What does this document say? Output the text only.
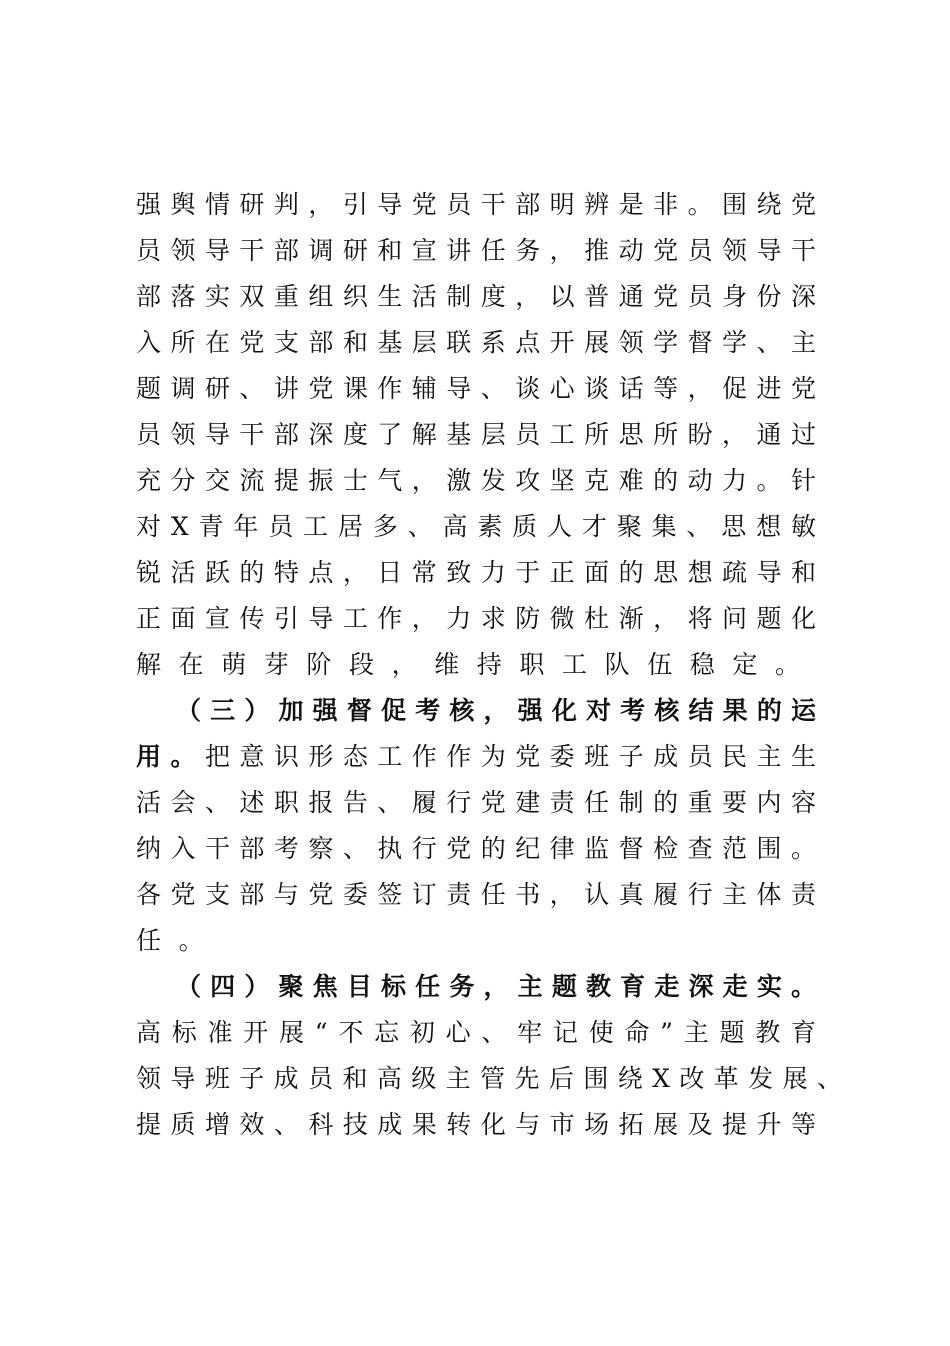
强舆情研判，引导党员干部明辨是非。围绕党
员领导干部调研和宣讲任务，推动党员领导干
部落实双重组织生活制度，以普通党员身份深
入所在党支部和基层联系点开展领学督学、主
题调研、讲党课作辅导、谈心谈话等，促进党
员领导干部深度了解基层员工所思所盼，通过
充分交流提振士气，激发攻坚克难的动力。针
对X青年员工居多、高素质人才聚集、思想敏
锐活跃的特点，日常致力于正面的思想疏导和
正面宣传引导工作，力求防微杜渐，将问题化
解在萌芽阶段，维持职工队伍稳定。
（三）加强督促考核，强化对考核结果的运
用。把意识形态工作作为党委班子成员民主生
活会、述职报告、履行党建责任制的重要内容
纳入干部考察、执行党的纪律监督检查范围。
各党支部与党委签订责任书，认真履行主体责
任。
（四）聚焦目标任务，主题教育走深走实。
高标准开展“不忘初心、牢记使命”主题教育
领导班子成员和高级主管先后围绕X改革发展、
提质增效、科技成果转化与市场拓展及提升等
